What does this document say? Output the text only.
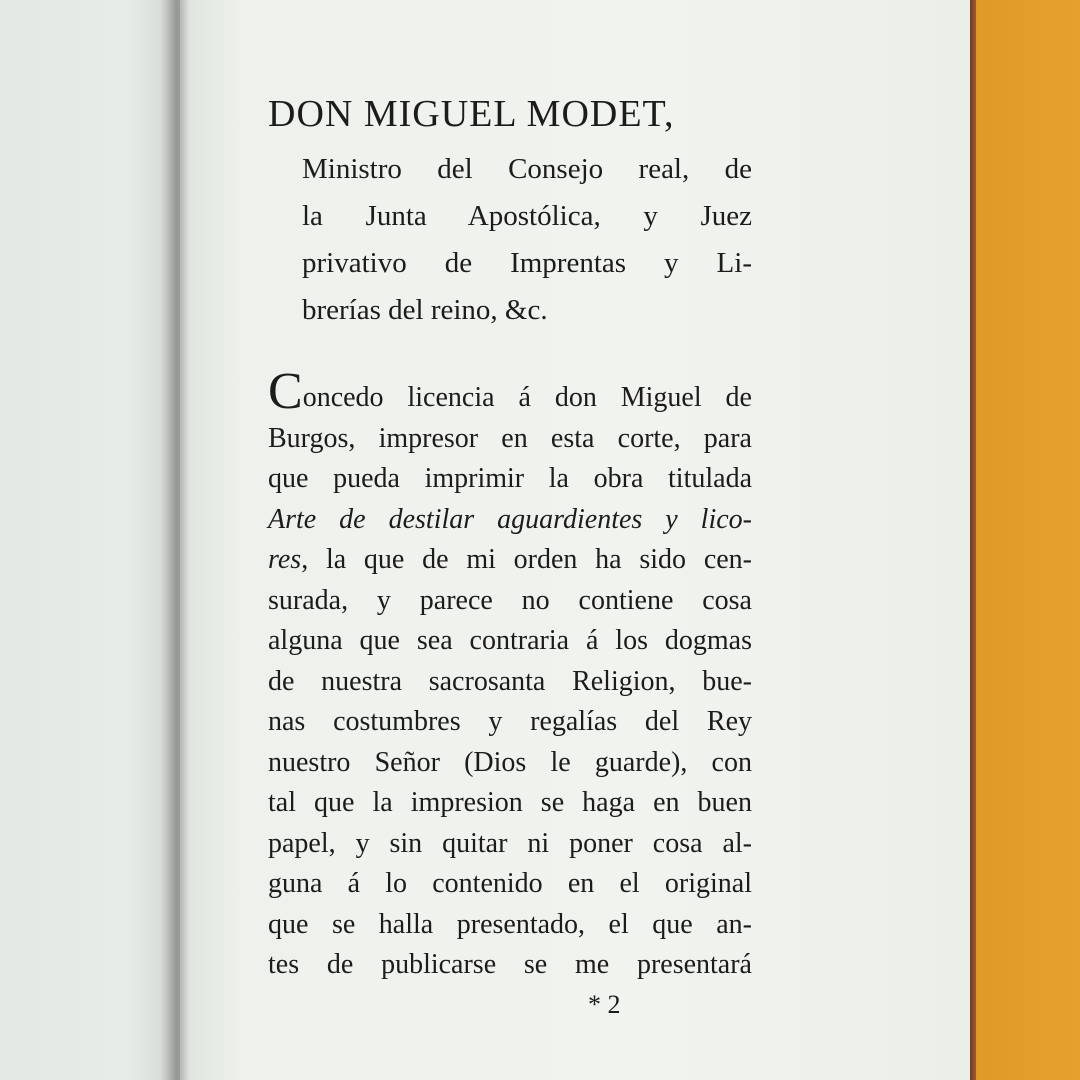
DON MIGUEL MODET,
Ministro del Consejo real, de
la Junta Apostólica, y Juez
privativo de Imprentas y Li-
brerías del reino, &c.
Concedo licencia á don Miguel de
Burgos, impresor en esta corte, para
que pueda imprimir la obra titulada
Arte de destilar aguardientes y lico-
res, la que de mi orden ha sido cen-
surada, y parece no contiene cosa
alguna que sea contraria á los dogmas
de nuestra sacrosanta Religion, bue-
nas costumbres y regalías del Rey
nuestro Señor (Dios le guarde), con
tal que la impresion se haga en buen
papel, y sin quitar ni poner cosa al-
guna á lo contenido en el original
que se halla presentado, el que an-
tes de publicarse se me presentará
* 2
